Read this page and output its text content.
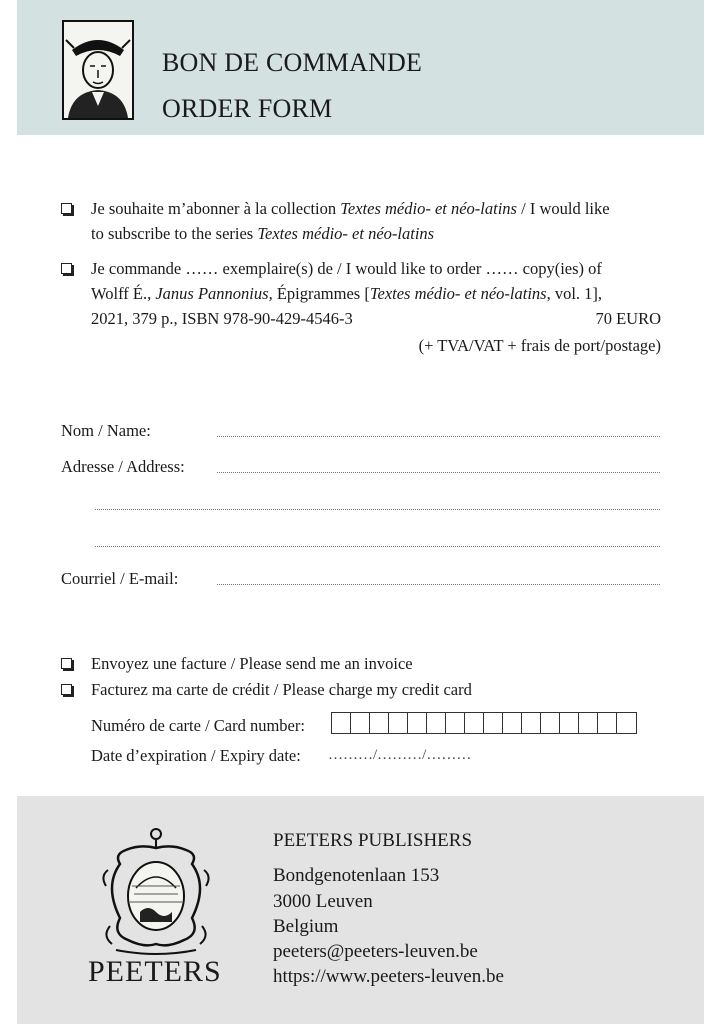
BON DE COMMANDE
ORDER FORM
Je souhaite m’abonner à la collection Textes médio- et néo-latins / I would like
to subscribe to the series Textes médio- et néo-latins
Je commande …… exemplaire(s) de / I would like to order …… copy(ies) of
Wolff É., Janus Pannonius, Épigrammes [Textes médio- et néo-latins, vol. 1],
2021, 379 p., ISBN 978-90-429-4546-3	70 EURO
(+ TVA/VAT + frais de port/postage)
Nom / Name:
Adresse / Address:
Courriel / E-mail:
Envoyez une facture / Please send me an invoice
Facturez ma carte de crédit / Please charge my credit card
Numéro de carte / Card number:
Date d’expiration / Expiry date: ………/………/………
PEETERS
PEETERS PUBLISHERS
Bondgenotenlaan 153
3000 Leuven
Belgium
peeters@peeters-leuven.be
https://www.peeters-leuven.be
